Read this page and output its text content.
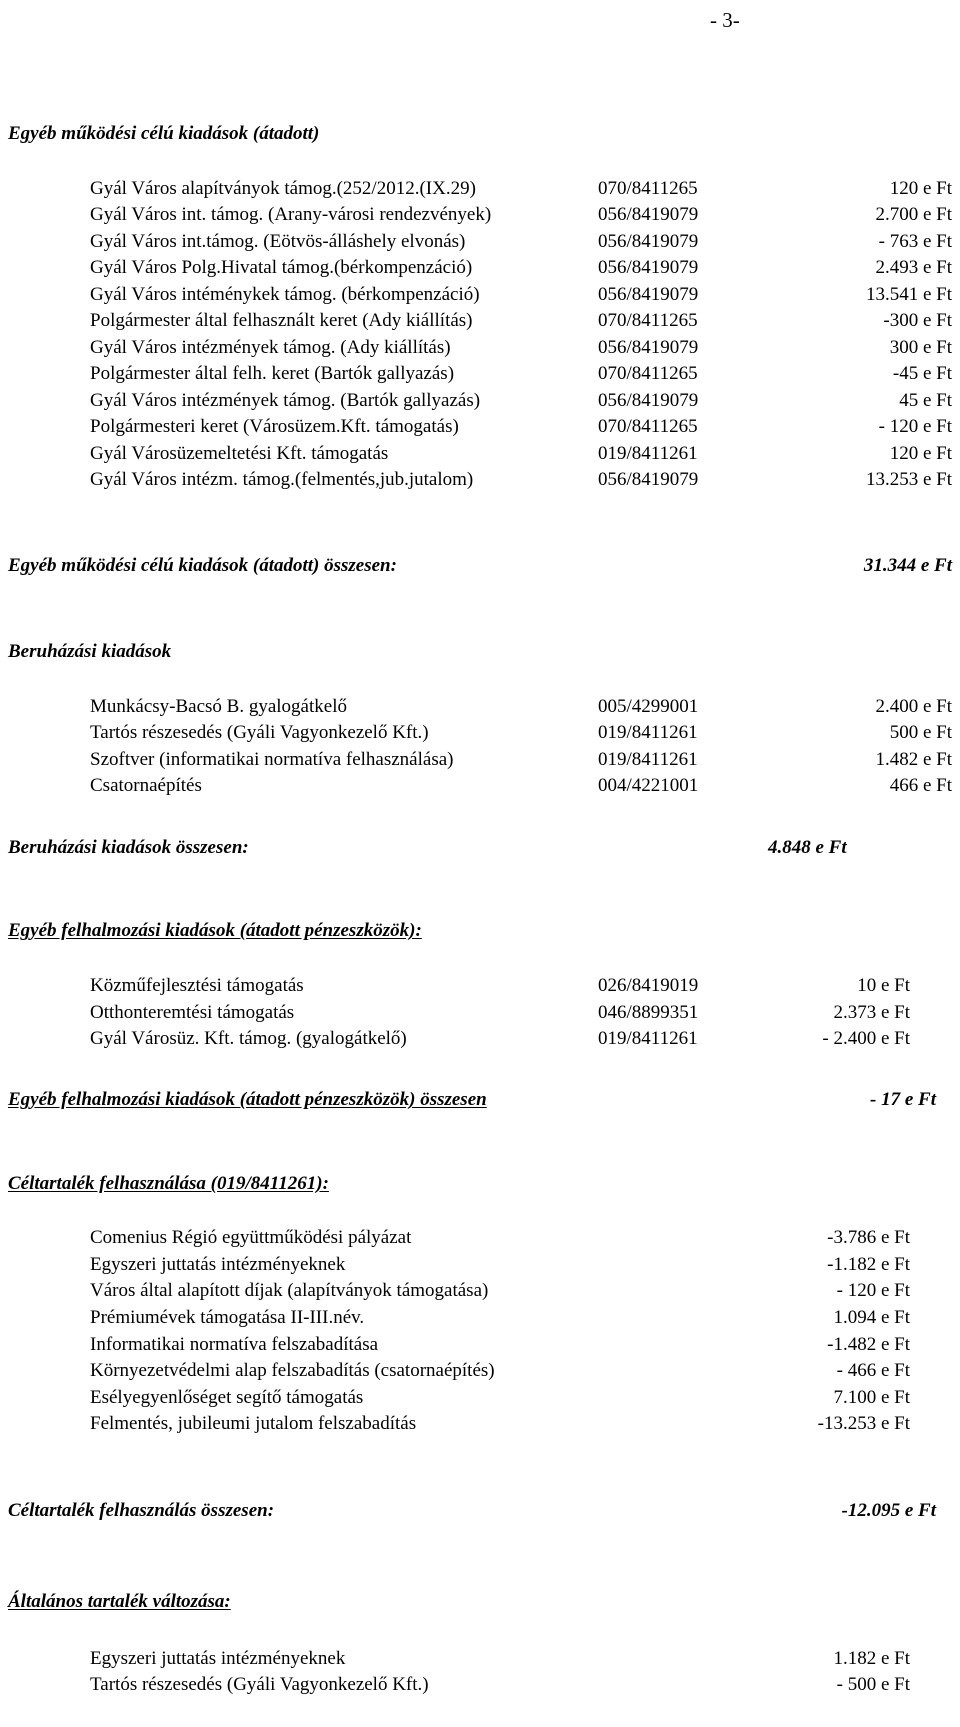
- 3-
Egyéb működési célú kiadások (átadott)
Gyál Város alapítványok támog.(252/2012.(IX.29)	070/8411265	120 e Ft
Gyál Város int. támog. (Arany-városi rendezvények)	056/8419079	2.700 e Ft
Gyál Város int.támog. (Eötvös-álláshely elvonás)	056/8419079	- 763 e Ft
Gyál Város Polg.Hivatal támog.(bérkompenzáció)	056/8419079	2.493 e Ft
Gyál Város intéménykek támog. (bérkompenzáció)	056/8419079	13.541 e Ft
Polgármester által felhasznált keret (Ady kiállítás)	070/8411265	-300 e Ft
Gyál Város intézmények támog. (Ady kiállítás)	056/8419079	300 e Ft
Polgármester által felh. keret (Bartók gallyazás)	070/8411265	-45 e Ft
Gyál Város intézmények támog. (Bartók gallyazás)	056/8419079	45 e Ft
Polgármesteri keret (Városüzem.Kft. támogatás)	070/8411265	- 120 e Ft
Gyál Városüzemeltetési Kft. támogatás	019/8411261	120 e Ft
Gyál Város intézm. támog.(felmentés,jub.jutalom)	056/8419079	13.253 e Ft
Egyéb működési célú kiadások (átadott) összesen:	31.344 e Ft
Beruházási kiadások
Munkácsy-Bacsó B. gyalogátkelő	005/4299001	2.400 e Ft
Tartós részesedés (Gyáli Vagyonkezelő Kft.)	019/8411261	500 e Ft
Szoftver (informatikai normatíva felhasználása)	019/8411261	1.482 e Ft
Csatornaépítés	004/4221001	466 e Ft
Beruházási kiadások összesen:	4.848 e Ft
Egyéb felhalmozási kiadások (átadott pénzeszközök):
Közműfejlesztési támogatás	026/8419019	10 e Ft
Otthonteremtési támogatás	046/8899351	2.373 e Ft
Gyál Városüz. Kft. támog. (gyalogátkelő)	019/8411261	- 2.400 e Ft
Egyéb felhalmozási kiadások (átadott pénzeszközök) összesen	- 17 e Ft
Céltartalék felhasználása (019/8411261):
Comenius Régió együttműködési pályázat	-3.786 e Ft
Egyszeri juttatás intézményeknek	-1.182 e Ft
Város által alapított díjak (alapítványok támogatása)	- 120 e Ft
Prémiumévek támogatása II-III.név.	1.094 e Ft
Informatikai normatíva felszabadítása	-1.482 e Ft
Környezetvédelmi alap felszabadítás (csatornaépítés)	- 466 e Ft
Esélyegyenlőséget segítő támogatás	7.100 e Ft
Felmentés, jubileumi jutalom felszabadítás	-13.253 e Ft
Céltartalék felhasználás összesen:	-12.095 e Ft
Általános tartalék változása:
Egyszeri juttatás intézményeknek	1.182 e Ft
Tartós részesedés (Gyáli Vagyonkezelő Kft.)	- 500 e Ft
